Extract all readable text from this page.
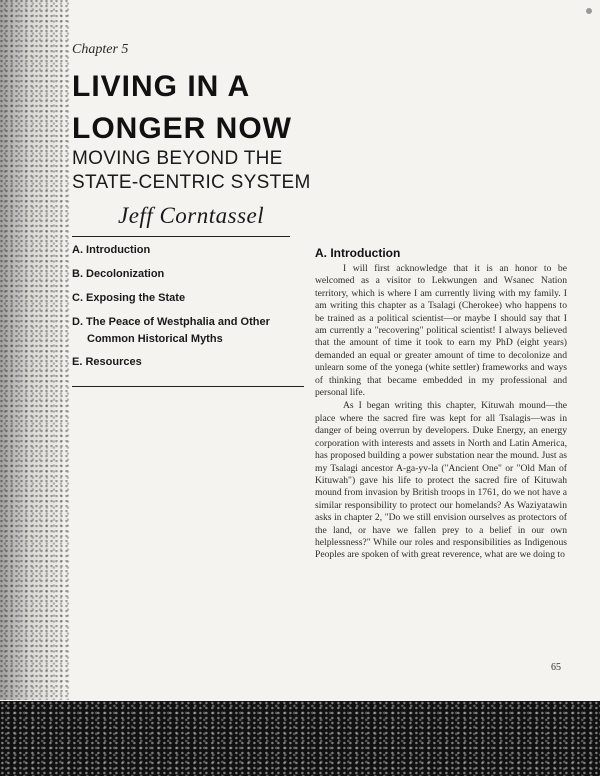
Chapter 5
LIVING IN A
LONGER NOW
MOVING BEYOND THE
STATE-CENTRIC SYSTEM
Jeff Corntassel
A. Introduction
B. Decolonization
C. Exposing the State
D. The Peace of Westphalia and Other
Common Historical Myths
E. Resources
A. Introduction

I will first acknowledge that it is an honor to be welcomed as a visitor to Lekwungen and Wsanec Nation territory, which is where I am currently living with my family. I am writing this chapter as a Tsalagi (Cherokee) who happens to be trained as a political scientist—or maybe I should say that I am currently a "recovering" political scientist! I always believed that the amount of time it took to earn my PhD (eight years) demanded an equal or greater amount of time to decolonize and unlearn some of the yonega (white settler) frameworks and ways of thinking that became embedded in my professional and personal life.

As I began writing this chapter, Kituwah mound—the place where the sacred fire was kept for all Tsalagis—was in danger of being overrun by developers. Duke Energy, an energy corporation with interests and assets in North and Latin America, has proposed building a power substation near the mound. Just as my Tsalagi ancestor A-ga-yv-la ("Ancient One" or "Old Man of Kituwah") gave his life to protect the sacred fire of Kituwah mound from invasion by British troops in 1761, do we not have a similar responsibility to protect our homelands? As Waziyatawin asks in chapter 2, "Do we still envision ourselves as protectors of the land, or have we fallen prey to a belief in our own helplessness?" While our roles and responsibilities as Indigenous Peoples are spoken of with great reverence, what are we doing to

65
